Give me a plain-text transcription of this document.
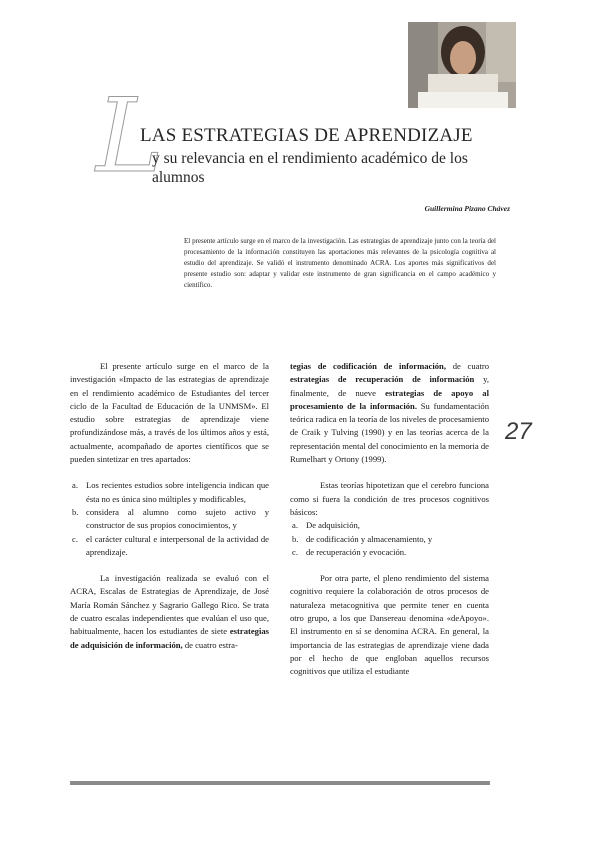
L
LAS ESTRATEGIAS DE APRENDIZAJE
y su relevancia en el rendimiento académico de los alumnos
Guillermina Pizano Chávez
El presente artículo surge en el marco de la investigación. Las estrategias de aprendizaje junto con la teoría del procesamiento de la información constituyen las aportaciones más relevantes de la psicología cognitiva al estudio del aprendizaje. Se validó el instrumento denominado ACRA. Los aportes más significativos del presente estudio son: adaptar y validar este instrumento de gran significancia en el campo académico y científico.

El presente artículo surge en el marco de la investigación «Impacto de las estrategias de aprendizaje en el rendimiento académico de Estudiantes del tercer ciclo de la Facultad de Educación de la UNMSM». El estudio sobre estrategias de aprendizaje viene profundizándose más, a través de los últimos años y está, actualmente, acompañado de aportes científicos que se pueden sintetizar en tres apartados:

a. Los recientes estudios sobre inteligencia indican que ésta no es única sino múltiples y modificables,
b. considera al alumno como sujeto activo y constructor de sus propios conocimientos, y
c. el carácter cultural e interpersonal de la actividad de aprendizaje.

La investigación realizada se evaluó con el ACRA, Escalas de Estrategias de Aprendizaje, de José María Román Sánchez y Sagrario Gallego Rico. Se trata de cuatro escalas independientes que evalúan el uso que, habitualmente, hacen los estudiantes de siete estrategias de adquisición de información, de cuatro estra-

tegias de codificación de información, de cuatro estrategias de recuperación de información y, finalmente, de nueve estrategias de apoyo al procesamiento de la información. Su fundamentación teórica radica en la teoría de los niveles de procesamiento de Craik y Tulving (1990) y en las teorías acerca de la representación mental del conocimiento en la memoria de Rumelhart y Ortony (1999).

Estas teorías hipotetizan que el cerebro funciona como si fuera la condición de tres procesos cognitivos básicos:

a. De adquisición,
b. de codificación y almacenamiento, y
c. de recuperación y evocación.

Por otra parte, el pleno rendimiento del sistema cognitivo requiere la colaboración de otros procesos de naturaleza metacognitiva que permite tener en cuenta otro grupo, a los que Dansereau denomina «deApoyo». El instrumento en sí se denomina ACRA. En general, la importancia de las estrategias de aprendizaje viene dada por el hecho de que engloban aquellos recursos cognitivos que utiliza el estudiante

27
